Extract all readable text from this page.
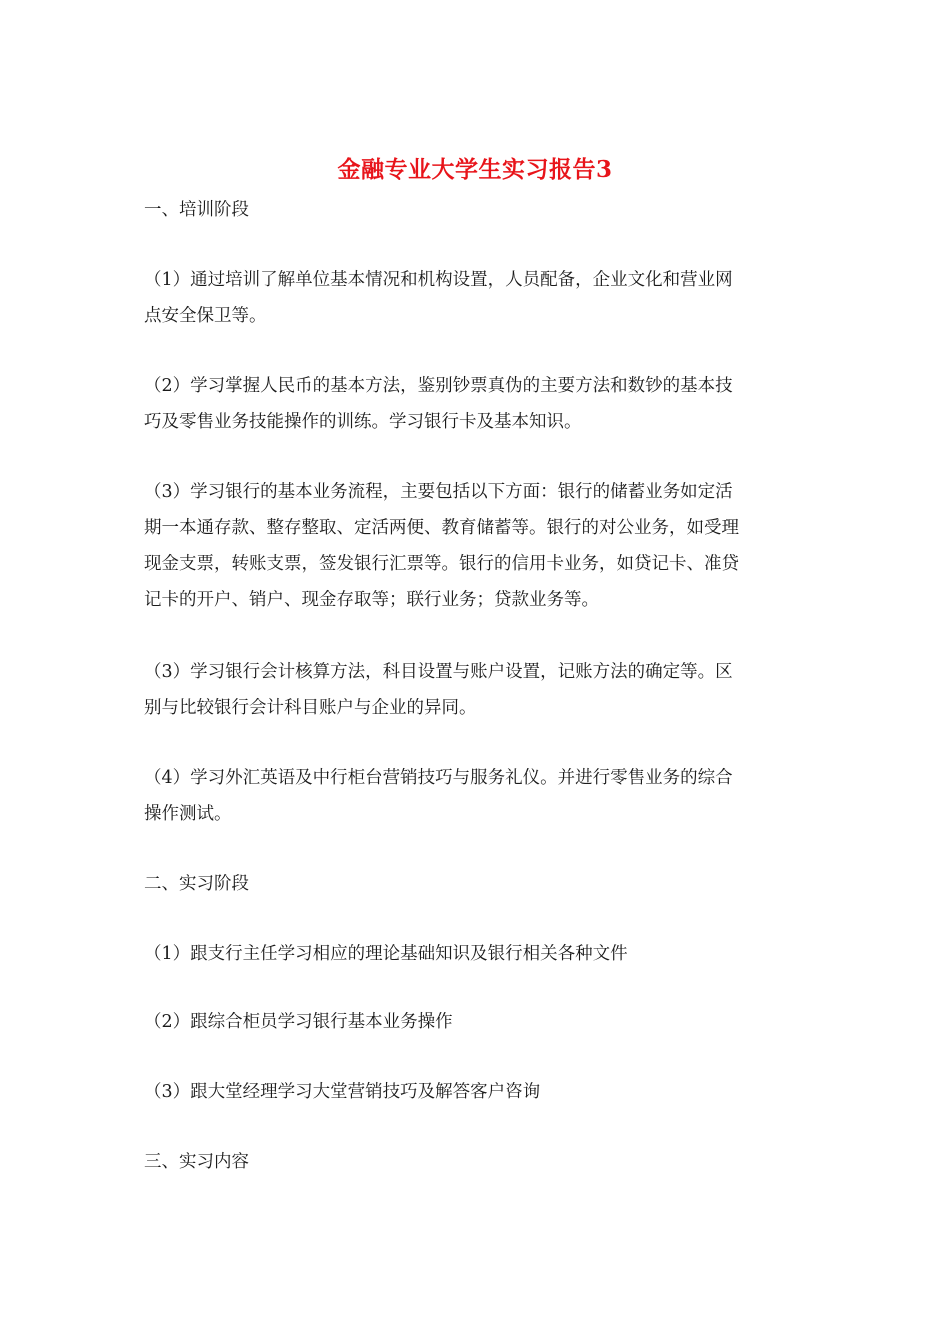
金融专业大学生实习报告3
一、培训阶段
（1）通过培训了解单位基本情况和机构设置，人员配备，企业文化和营业网
点安全保卫等。
（2）学习掌握人民币的基本方法，鉴别钞票真伪的主要方法和数钞的基本技
巧及零售业务技能操作的训练。学习银行卡及基本知识。
（3）学习银行的基本业务流程，主要包括以下方面：银行的储蓄业务如定活
期一本通存款、整存整取、定活两便、教育储蓄等。银行的对公业务，如受理
现金支票，转账支票，签发银行汇票等。银行的信用卡业务，如贷记卡、准贷
记卡的开户、销户、现金存取等；联行业务；贷款业务等。
（3）学习银行会计核算方法，科目设置与账户设置，记账方法的确定等。区
别与比较银行会计科目账户与企业的异同。
（4）学习外汇英语及中行柜台营销技巧与服务礼仪。并进行零售业务的综合
操作测试。
二、实习阶段
（1）跟支行主任学习相应的理论基础知识及银行相关各种文件
（2）跟综合柜员学习银行基本业务操作
（3）跟大堂经理学习大堂营销技巧及解答客户咨询
三、实习内容
